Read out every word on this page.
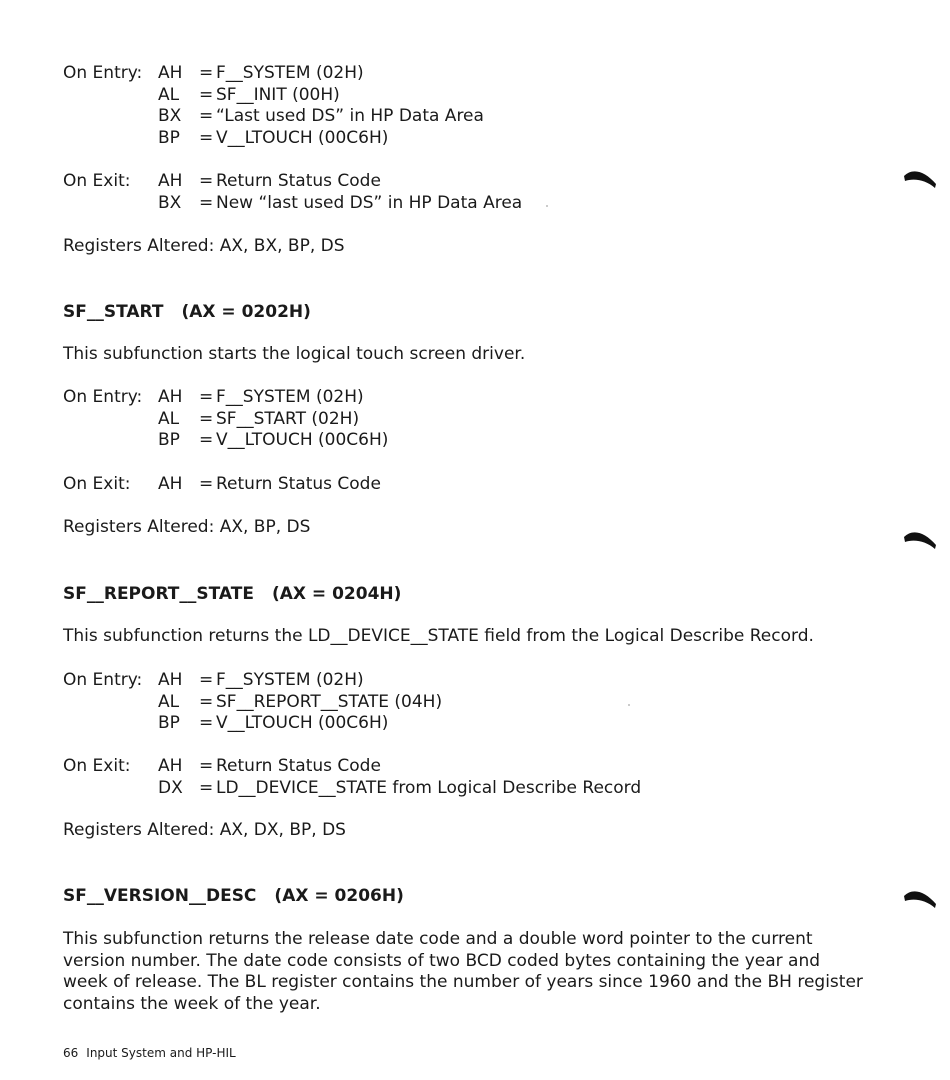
On Entry: AH = F__SYSTEM (02H)
AL = SF__INIT (00H)
BX = “Last used DS” in HP Data Area
BP = V__LTOUCH (00C6H)
On Exit: AH = Return Status Code
BX = New “last used DS” in HP Data Area

Registers Altered: AX, BX, BP, DS

SF__START (AX = 0202H)

This subfunction starts the logical touch screen driver.

On Entry: AH = F__SYSTEM (02H)
AL = SF__START (02H)
BP = V__LTOUCH (00C6H)
On Exit: AH = Return Status Code

Registers Altered: AX, BP, DS

SF__REPORT__STATE (AX = 0204H)

This subfunction returns the LD__DEVICE__STATE field from the Logical Describe Record.

On Entry: AH = F__SYSTEM (02H)
AL = SF__REPORT__STATE (04H)
BP = V__LTOUCH (00C6H)
On Exit: AH = Return Status Code
DX = LD__DEVICE__STATE from Logical Describe Record

Registers Altered: AX, DX, BP, DS

SF__VERSION__DESC (AX = 0206H)

This subfunction returns the release date code and a double word pointer to the current version number. The date code consists of two BCD coded bytes containing the year and week of release. The BL register contains the number of years since 1960 and the BH register contains the week of the year.

66 Input System and HP-HIL
